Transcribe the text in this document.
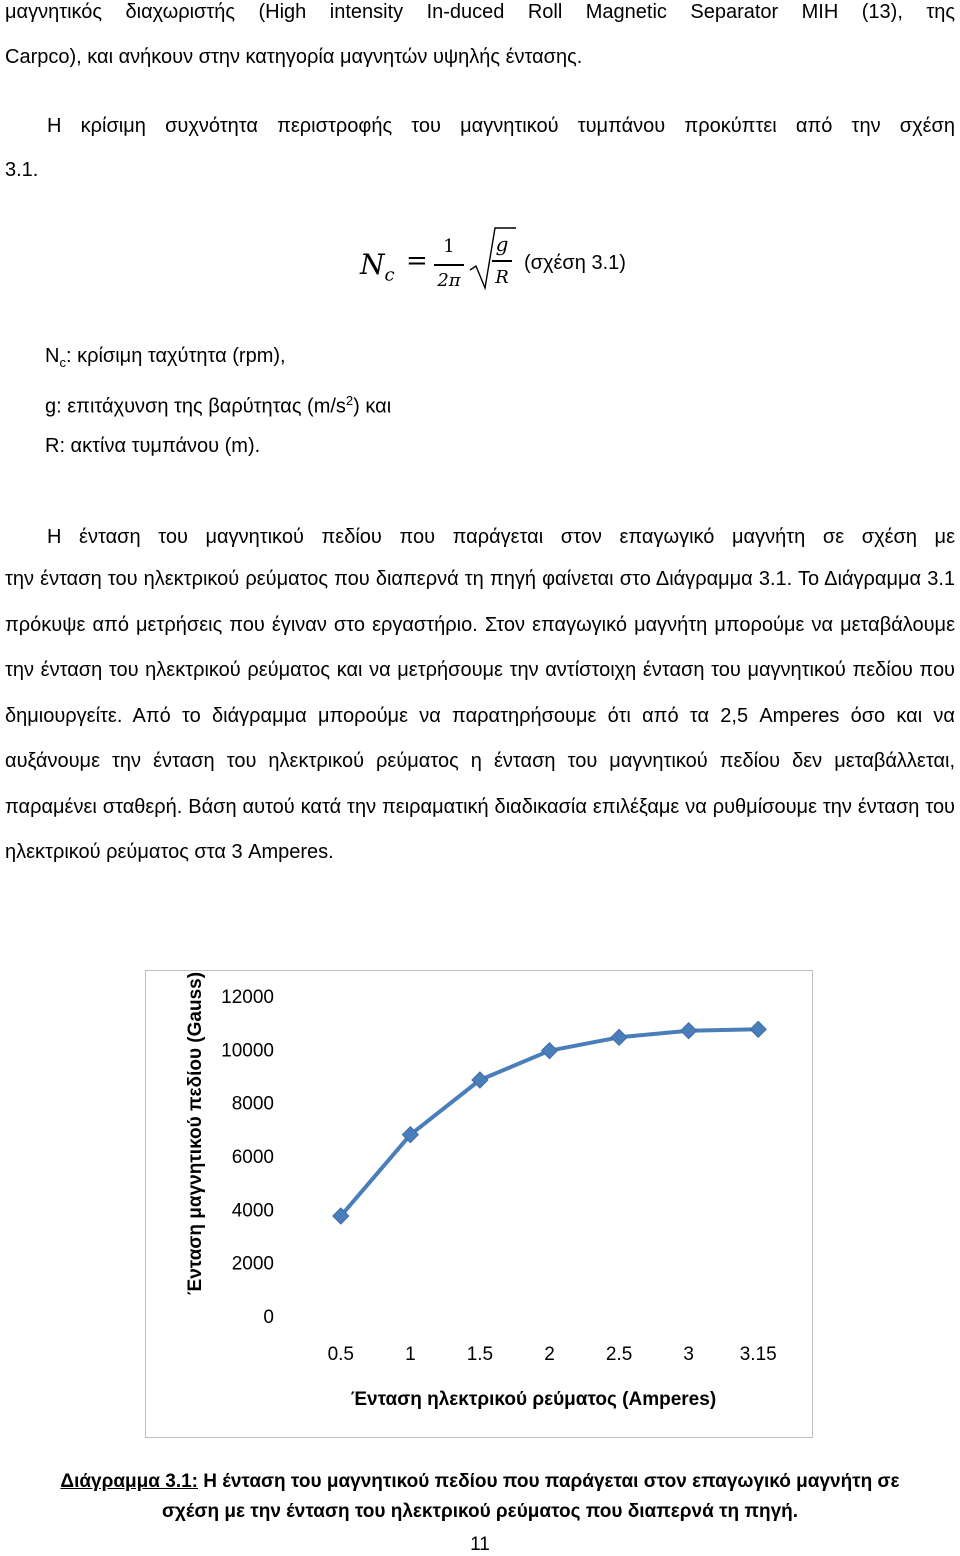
μαγνητικός διαχωριστής (High intensity In-duced Roll Magnetic Separator MIH (13), της
Carpco), και ανήκουν στην κατηγορία μαγνητών υψηλής έντασης.
Η κρίσιμη συχνότητα περιστροφής του μαγνητικού τυμπάνου προκύπτει από την σχέση
3.1.
$N_c = 1$
2π
g
R
(σχέση 3.1)
$N_c$: κρίσιμη ταχύτητα (rpm),
g: επιτάχυνση της βαρύτητας $(m/s^2)$ και
R: ακτίνα τυμπάνου (m).
Η ένταση του μαγνητικού πεδίου που παράγεται στον επαγωγικό μαγνήτη σε σχέση με
την ένταση του ηλεκτρικού ρεύματος που διαπερνά τη πηγή φαίνεται στο Διάγραμμα 3.1. Το Διάγραμμα 3.1 πρόκυψε από μετρήσεις που έγιναν στο εργαστήριο. Στον επαγωγικό μαγνήτη μπορούμε να μεταβάλουμε την ένταση του ηλεκτρικού ρεύματος και να μετρήσουμε την αντίστοιχη ένταση του μαγνητικού πεδίου που δημιουργείτε. Από το διάγραμμα μπορούμε να παρατηρήσουμε ότι από τα 2,5 Amperes όσο και να αυξάνουμε την ένταση του ηλεκτρικού ρεύματος η ένταση του μαγνητικού πεδίου δεν μεταβάλλεται, παραμένει σταθερή. Βάση αυτού κατά την πειραματική διαδικασία επιλέξαμε να ρυθμίσουμε την ένταση του ηλεκτρικού ρεύματος στα 3 Amperes.
0
2000
4000
6000
8000
10000
12000
0.5	1	1.5	2	2.5	3 3.15
Ένταση ηλεκτρικού ρεύματος (Amperes)
Ένταση μαγνητικού πεδίου (Gauss)
Διάγραμμα 3.1: Η ένταση του μαγνητικού πεδίου που παράγεται στον επαγωγικό μαγνήτη σε
σχέση με την ένταση του ηλεκτρικού ρεύματος που διαπερνά τη πηγή.
11
